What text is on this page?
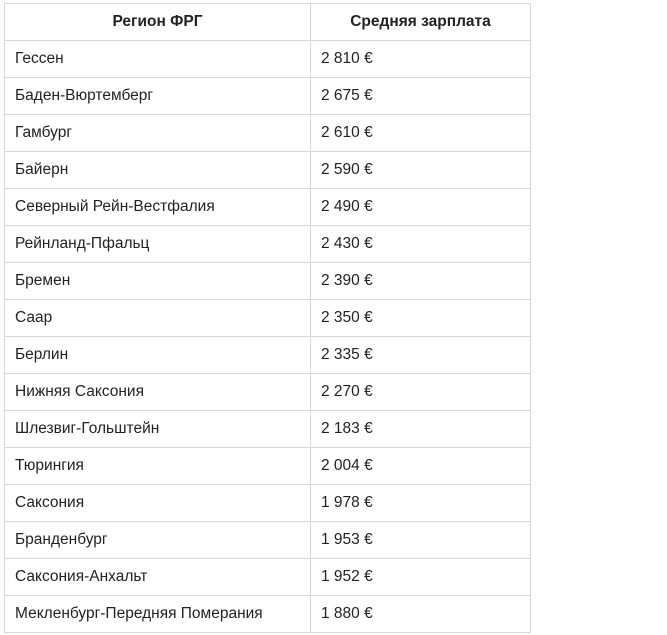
Регион ФРГ	Средняя зарплата
Гессен	2 810 €
Баден-Вюртемберг	2 675 €
Гамбург	2 610 €
Байерн	2 590 €
Северный Рейн-Вестфалия	2 490 €
Рейнланд-Пфальц	2 430 €
Бремен	2 390 €
Саар	2 350 €
Берлин	2 335 €
Нижняя Саксония	2 270 €
Шлезвиг-Гольштейн	2 183 €
Тюрингия	2 004 €
Саксония	1 978 €
Бранденбург	1 953 €
Саксония-Анхальт	1 952 €
Мекленбург-Передняя Померания	1 880 €
